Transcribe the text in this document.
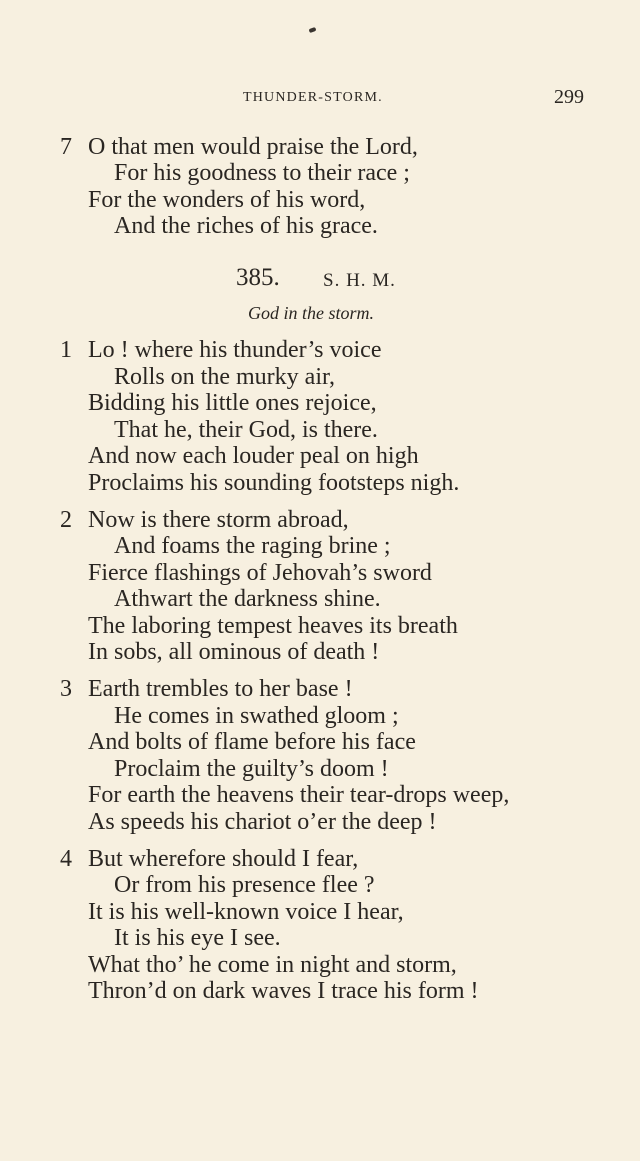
THUNDER-STORM.	299
7 O that men would praise the Lord,
For his goodness to their race ;
For the wonders of his word,
And the riches of his grace.
385. S. H. M.
God in the storm.
1 Lo ! where his thunder’s voice
Rolls on the murky air,
Bidding his little ones rejoice,
That he, their God, is there.
And now each louder peal on high
Proclaims his sounding footsteps nigh.
2 Now is there storm abroad,
And foams the raging brine ;
Fierce flashings of Jehovah’s sword
Athwart the darkness shine.
The laboring tempest heaves its breath
In sobs, all ominous of death !
3 Earth trembles to her base !
He comes in swathed gloom ;
And bolts of flame before his face
Proclaim the guilty’s doom !
For earth the heavens their tear-drops weep,
As speeds his chariot o’er the deep !
4 But wherefore should I fear,
Or from his presence flee ?
It is his well-known voice I hear,
It is his eye I see.
What tho’ he come in night and storm,
Thron’d on dark waves I trace his form !
